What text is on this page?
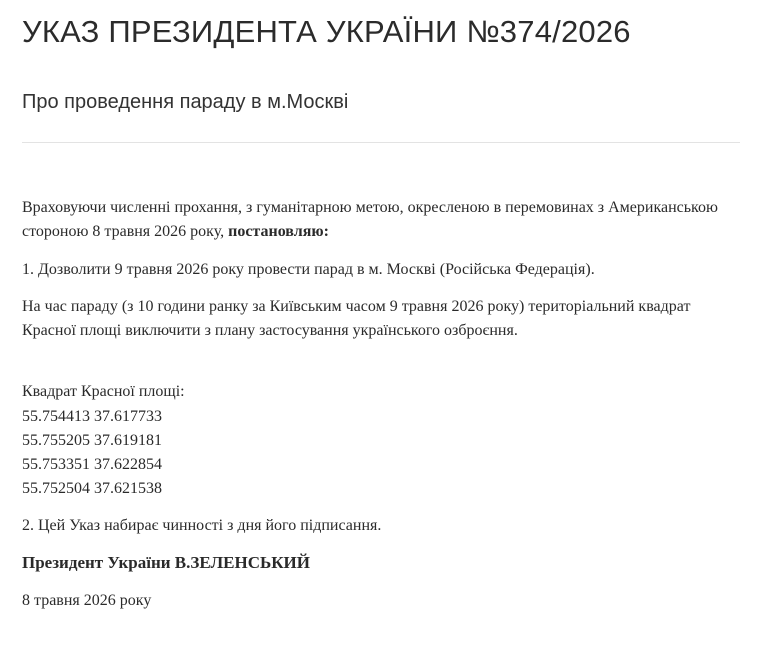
УКАЗ ПРЕЗИДЕНТА УКРАЇНИ №374/2026
Про проведення параду в м.Москві

Враховуючи численні прохання, з гуманітарною метою, окресленою в перемовинах з Американською стороною 8 травня 2026 року, постановляю:

1. Дозволити 9 травня 2026 року провести парад в м. Москві (Російська Федерація).

На час параду (з 10 години ранку за Київським часом 9 травня 2026 року) територіальний квадрат Красної площі виключити з плану застосування українського озброєння.

Квадрат Красної площі:

55.754413 37.617733
55.755205 37.619181
55.753351 37.622854
55.752504 37.621538

2. Цей Указ набирає чинності з дня його підписання.

Президент України В.ЗЕЛЕНСЬКИЙ

8 травня 2026 року
